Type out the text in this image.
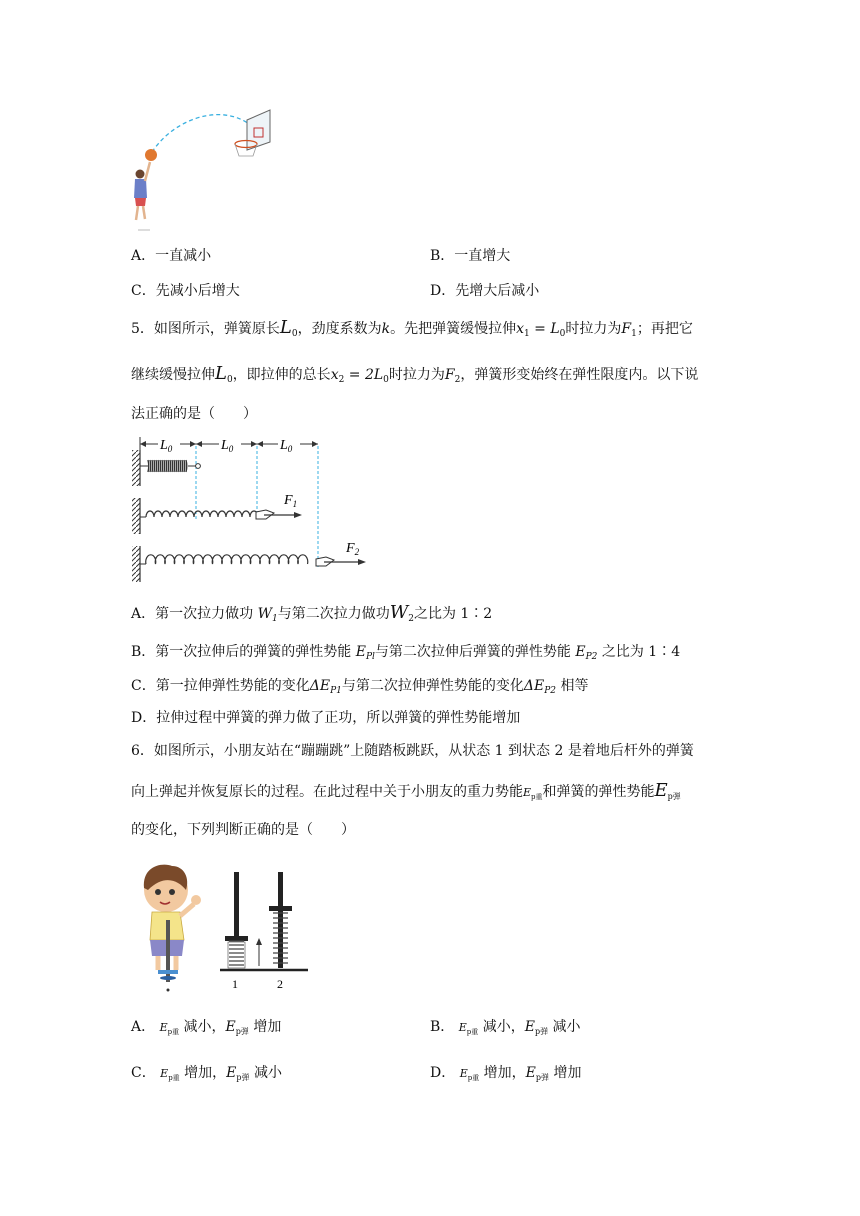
A．一直减小	B．一直增大
C．先减小后增大	D．先增大后减小
5．如图所示，弹簧原长$L_0$，劲度系数为k。先把弹簧缓慢拉伸$x_1 = L_0$时拉力为$F_1$；再把它
继续缓慢拉伸$L_0$，即拉伸的总长$x_2 = 2L_0$时拉力为$F_2$，弹簧形变始终在弹性限度内。以下说
法正确的是（　　）
$L_0$	$L_0$	$L_0$
$F_1$
$F_2$
A．第一次拉力做功 $W_1$与第二次拉力做功$W_2$之比为 1∶2
B．第一次拉伸后的弹簧的弹性势能 $E_{Pl}$与第二次拉伸后弹簧的弹性势能 $E_{P2}$ 之比为 1∶4
C．第一拉伸弹性势能的变化$\Delta E_{P1}$与第二次拉伸弹性势能的变化$\Delta E_{P2}$ 相等
D．拉伸过程中弹簧的弹力做了正功，所以弹簧的弹性势能增加
6．如图所示，小朋友站在“蹦蹦跳”上随踏板跳跃，从状态 1 到状态 2 是着地后杆外的弹簧
向上弹起并恢复原长的过程。在此过程中关于小朋友的重力势能$E_{p重}$和弹簧的弹性势能$E_{p弹}$
的变化，下列判断正确的是（　　）
1	2
A． $E_{p重}$ 减小，$E_{p弹}$ 增加	B． $E_{p重}$ 减小，$E_{p弹}$ 减小
C． $E_{p重}$ 增加，$E_{p弹}$ 减小	D． $E_{p重}$ 增加，$E_{p弹}$ 增加
